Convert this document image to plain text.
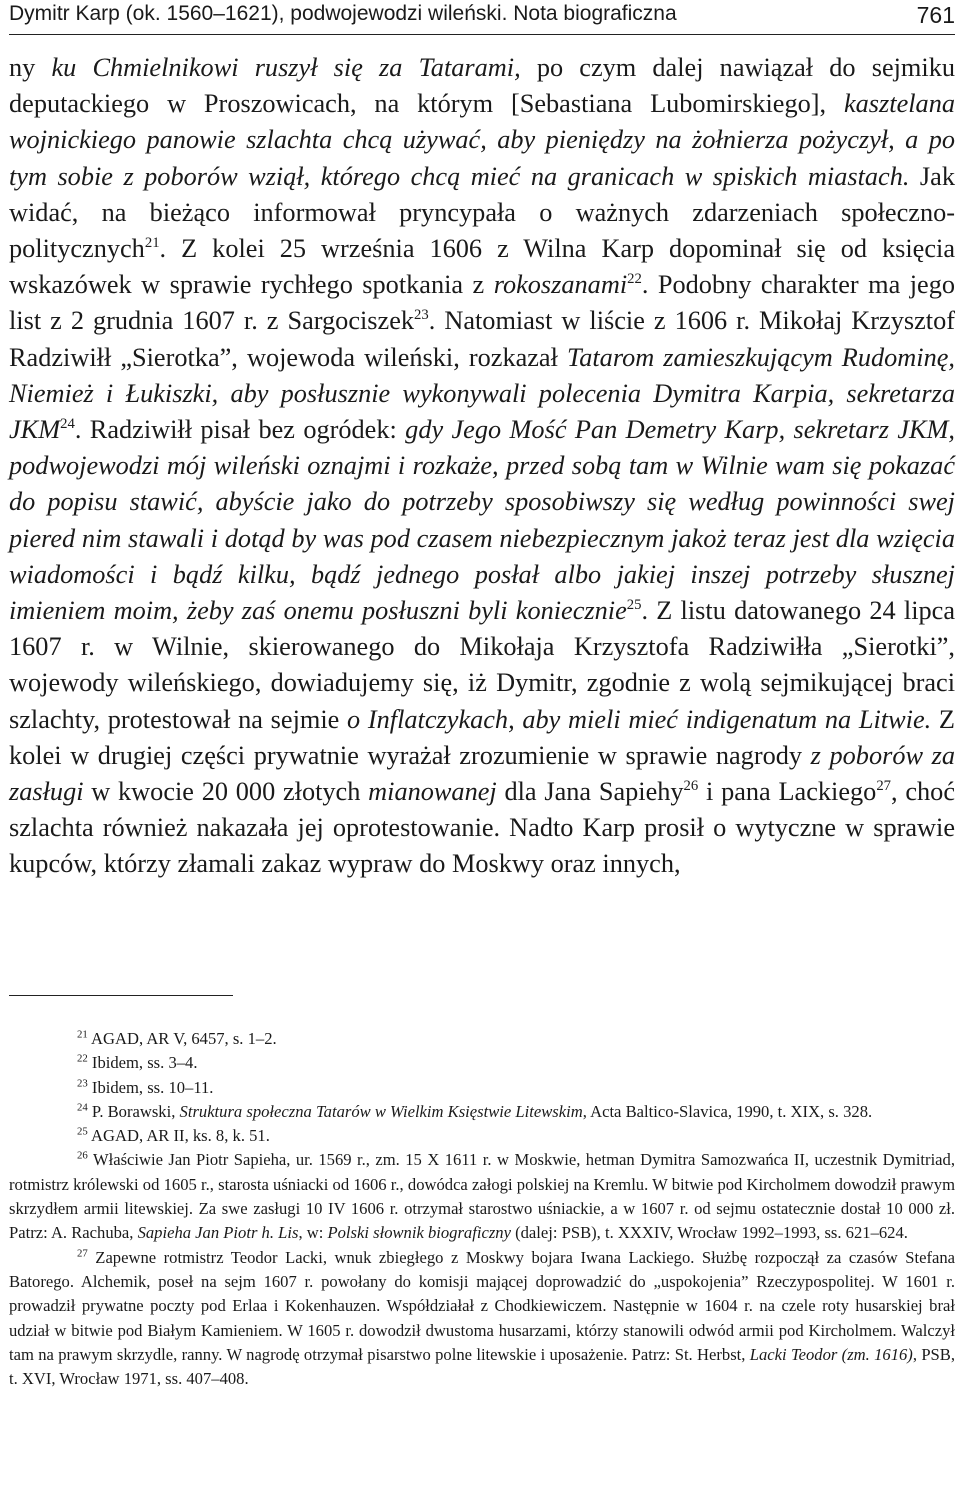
Dymitr Karp (ok. 1560–1621), podwojewodzi wileński. Nota biograficzna	761
ny ku Chmielnikowi ruszył się za Tatarami, po czym dalej nawiązał do sejmiku deputackiego w Proszowicach, na którym [Sebastiana Lubomirskiego], kasztelana wojnickiego panowie szlachta chcą używać, aby pieniędzy na żołnierza pożyczył, a po tym sobie z poborów wziął, którego chcą mieć na granicach w spiskich miastach. Jak widać, na bieżąco informował pryncypała o ważnych zdarzeniach społeczno-politycznych$^{21}$. Z kolei 25 września 1606 z Wilna Karp dopominał się od księcia wskazówek w sprawie rychłego spotkania z rokoszanami$^{22}$. Podobny charakter ma jego list z 2 grudnia 1607 r. z Sargociszek$^{23}$. Natomiast w liście z 1606 r. Mikołaj Krzysztof Radziwiłł „Sierotka”, wojewoda wileński, rozkazał Tatarom zamieszkującym Rudominę, Niemież i Łukiszki, aby posłusznie wykonywali polecenia Dymitra Karpia, sekretarza JKM$^{24}$. Radziwiłł pisał bez ogródek: gdy Jego Mość Pan Demetry Karp, sekretarz JKM, podwojewodzi mój wileński oznajmi i rozkaże, przed sobą tam w Wilnie wam się pokazać do popisu stawić, abyście jako do potrzeby sposobiwszy się według powinności swej piered nim stawali i dotąd by was pod czasem niebezpiecznym jakoż teraz jest dla wzięcia wiadomości i bądź kilku, bądź jednego posłał albo jakiej inszej potrzeby słusznej imieniem moim, żeby zaś onemu posłuszni byli koniecznie$^{25}$. Z listu datowanego 24 lipca 1607 r. w Wilnie, skierowanego do Mikołaja Krzysztofa Radziwiłła „Sierotki”, wojewody wileńskiego, dowiadujemy się, iż Dymitr, zgodnie z wolą sejmikującej braci szlachty, protestował na sejmie o Inflatczykach, aby mieli mieć indigenatum na Litwie. Z kolei w drugiej części prywatnie wyrażał zrozumienie w sprawie nagrody z poborów za zasługi w kwocie 20 000 złotych mianowanej dla Jana Sapiehy$^{26}$ i pana Lackiego$^{27}$, choć szlachta również nakazała jej oprotestowanie. Nadto Karp prosił o wytyczne w sprawie kupców, którzy złamali zakaz wypraw do Moskwy oraz innych,

$^{21}$ AGAD, AR V, 6457, s. 1–2.

$^{22}$ Ibidem, ss. 3–4.

$^{23}$ Ibidem, ss. 10–11.

$^{24}$ P. Borawski, Struktura społeczna Tatarów w Wielkim Księstwie Litewskim, Acta Baltico-Slavica, 1990, t. XIX, s. 328.

$^{25}$ AGAD, AR II, ks. 8, k. 51.

$^{26}$ Właściwie Jan Piotr Sapieha, ur. 1569 r., zm. 15 X 1611 r. w Moskwie, hetman Dymitra Samozwańca II, uczestnik Dymitriad, rotmistrz królewski od 1605 r., starosta uśniacki od 1606 r., dowódca załogi polskiej na Kremlu. W bitwie pod Kircholmem dowodził prawym skrzydłem armii litewskiej. Za swe zasługi 10 IV 1606 r. otrzymał starostwo uśniackie, a w 1607 r. od sejmu ostatecznie dostał 10 000 zł. Patrz: A. Rachuba, Sapieha Jan Piotr h. Lis, w: Polski słownik biograficzny (dalej: PSB), t. XXXIV, Wrocław 1992–1993, ss. 621–624.

$^{27}$ Zapewne rotmistrz Teodor Lacki, wnuk zbiegłego z Moskwy bojara Iwana Lackiego. Służbę rozpoczął za czasów Stefana Batorego. Alchemik, poseł na sejm 1607 r. powołany do komisji mającej doprowadzić do „uspokojenia” Rzeczypospolitej. W 1601 r. prowadził prywatne poczty pod Erlaa i Kokenhauzen. Współdziałał z Chodkiewiczem. Następnie w 1604 r. na czele roty husarskiej brał udział w bitwie pod Białym Kamieniem. W 1605 r. dowodził dwustoma husarzami, którzy stanowili odwód armii pod Kircholmem. Walczył tam na prawym skrzydle, ranny. W nagrodę otrzymał pisarstwo polne litewskie i uposażenie. Patrz: St. Herbst, Lacki Teodor (zm. 1616), PSB, t. XVI, Wrocław 1971, ss. 407–408.
